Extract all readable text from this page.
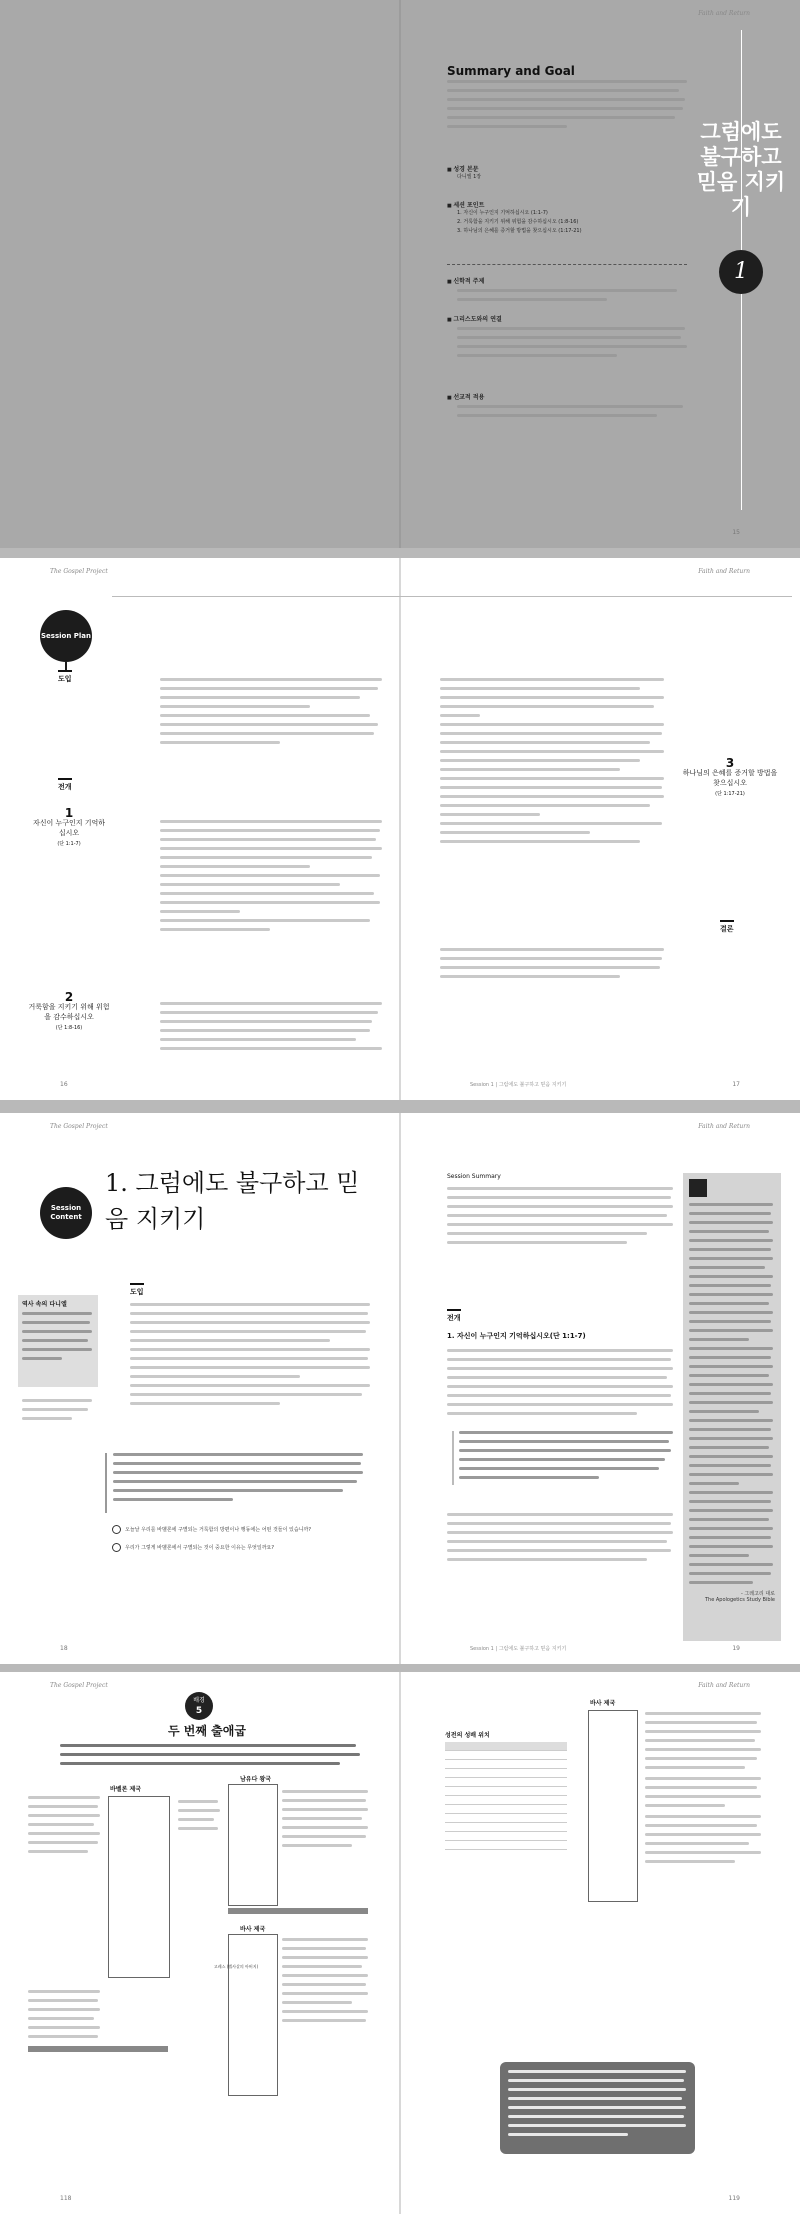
Faith and Return
Summary and Goal
■ 성경 본문
다니엘 1장
■ 세션 포인트
1. 자신이 누구인지 기억하십시오 (1:1-7)
2. 거룩함을 지키기 위해 위험을 감수하십시오 (1:8-16)
3. 하나님의 은혜를 증거할 방법을 찾으십시오 (1:17-21)
■ 신학적 주제
■ 그리스도와의 연결
■ 선교적 적용
그럼에도 불구하고 믿음 지키기
1
15
The Gospel Project	Faith and Return
Session Plan
도입
전개
1
자신이 누구인지 기억하십시오
(단 1:1-7)
2
거룩함을 지키기 위해 위험을 감수하십시오
(단 1:8-16)
16
3
하나님의 은혜를 증거할 방법을 찾으십시오
(단 1:17-21)
결론
Session 1 | 그럼에도 불구하고 믿음 지키기	17
The Gospel Project	Faith and Return
Session Content
1. 그럼에도 불구하고 믿음 지키기
역사 속의 다니엘
도입
오늘날 우리를 바벨론에 구별되는 거룩함의 방편이나 행동에는 어떤 것들이 있습니까?
우리가 그렇게 바벨론에서 구별되는 것이 중요한 이유는 무엇일까요?
18
Session Summary
전개
1. 자신이 누구인지 기억하십시오(단 1:1-7)
- 그레고리 대로
The Apologetics Study Bible
Session 1 | 그럼에도 불구하고 믿음 지키기	19
The Gospel Project	Faith and Return
배경
5
두 번째 출애굽
바벨론 제국
남유다 왕국
바사 제국
고레스 (벨사살의 아버지)
118
성전의 성배 위치

바사 제국
119
